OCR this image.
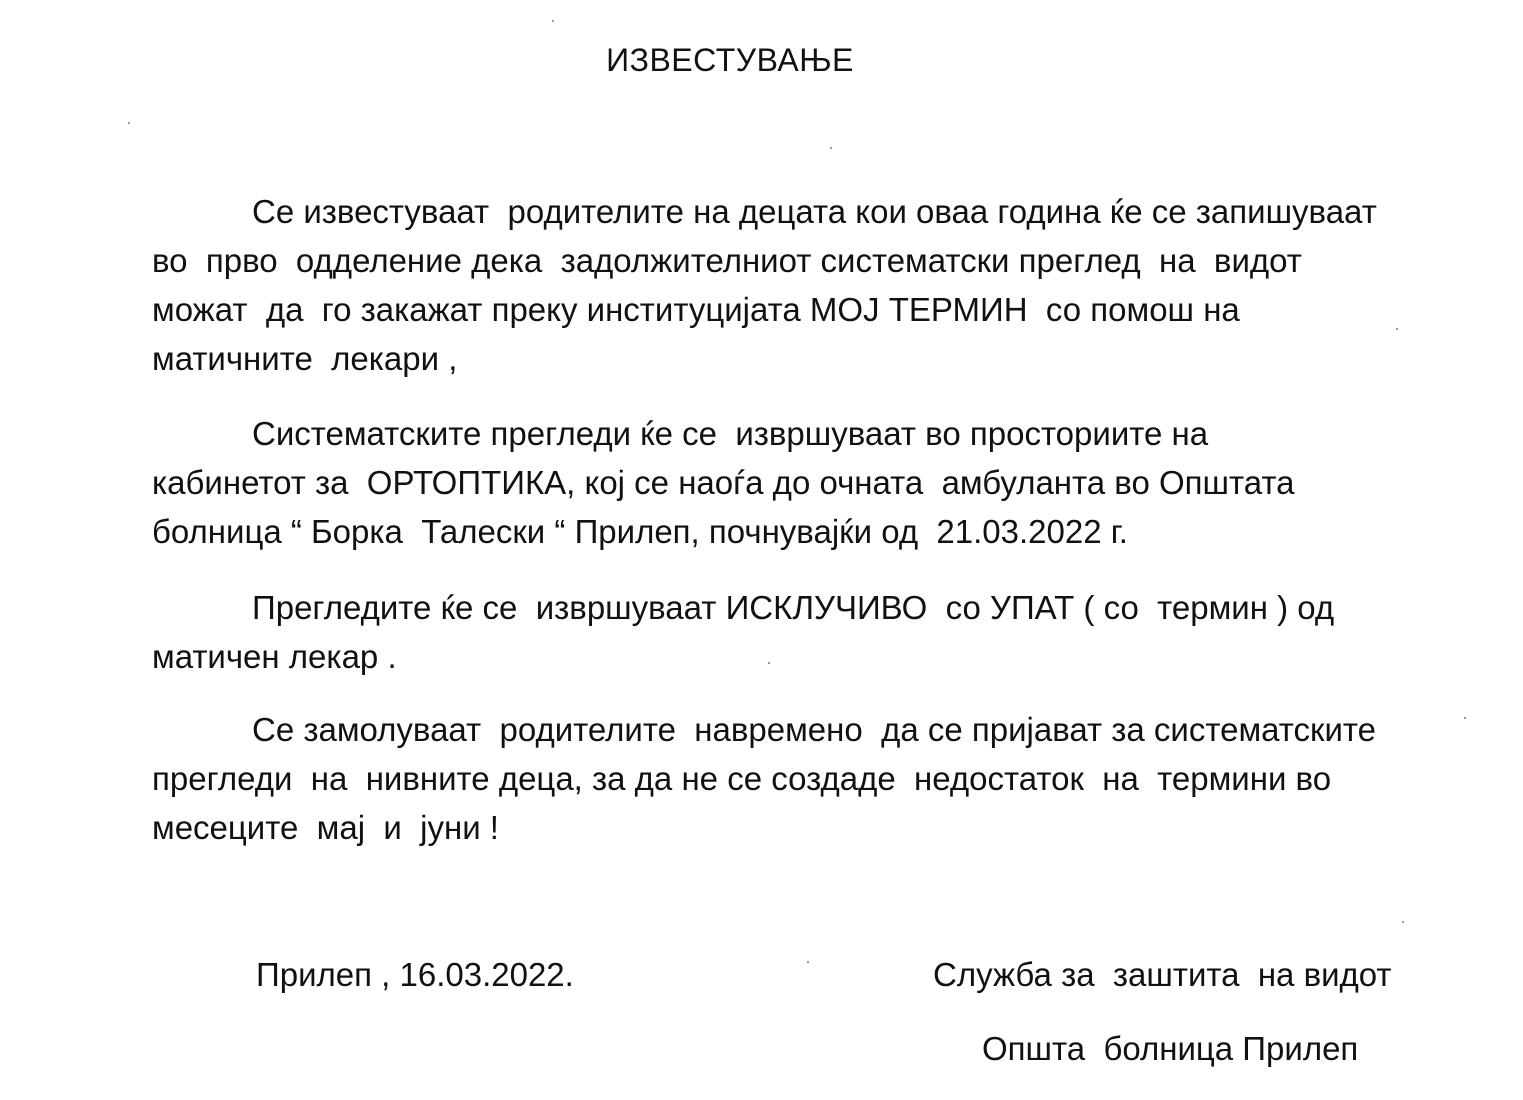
ИЗВЕСТУВАЊЕ
Се известуваат  родителите на децата кои оваа година ќе се запишуваат
во  прво  одделение дека  задолжителниот систематски преглед  на  видот
можат  да  го закажат преку институцијата МОЈ ТЕРМИН  со помош на
матичните  лекари ,
Систематските прегледи ќе се  извршуваат во просториите на
кабинетот за  ОРТОПТИКА, кој се наоѓа до очната  амбуланта во Општата
болница “ Борка  Талески “ Прилеп, почнувајќи од  21.03.2022 г.
Прегледите ќе се  извршуваат ИСКЛУЧИВО  со УПАТ ( со  термин ) од
матичен лекар .
Се замолуваат  родителите  навремено  да се пријават за систематските
прегледи  на  нивните деца, за да не се создаде  недостаток  на  термини во
месеците  мај  и  јуни !
Прилеп , 16.03.2022.	Служба за  заштита  на видот
Општа  болница Прилеп
